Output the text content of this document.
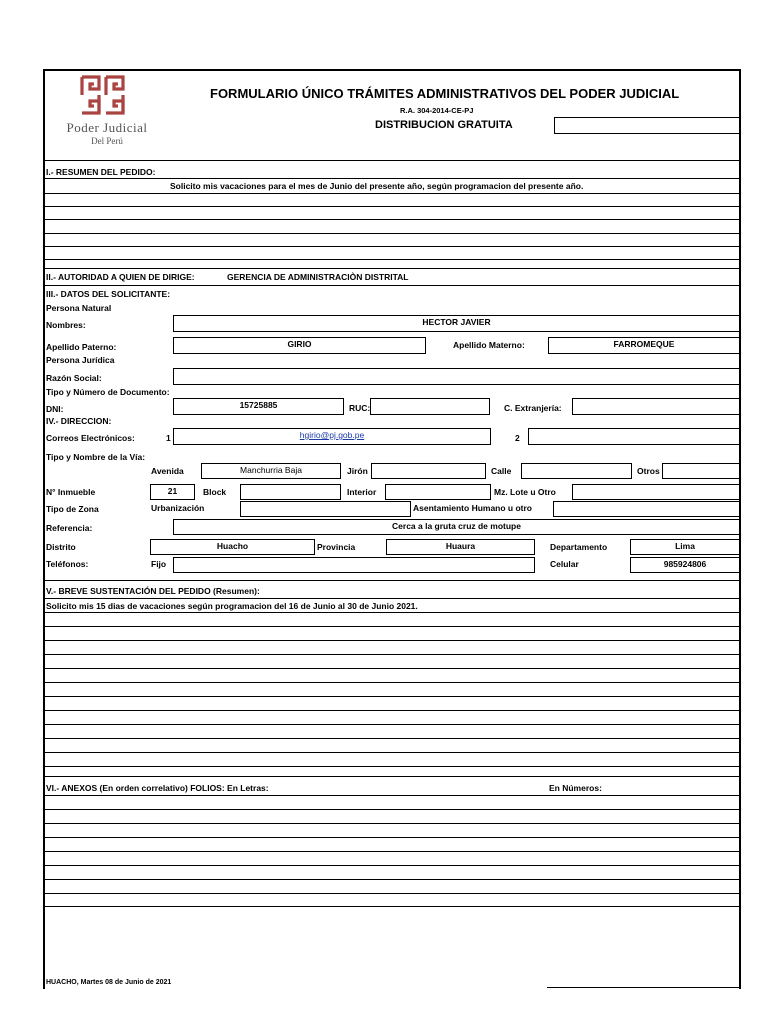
Poder Judicial
Del Perú
FORMULARIO ÚNICO TRÁMITES ADMINISTRATIVOS DEL PODER JUDICIAL
R.A. 304-2014-CE-PJ
DISTRIBUCION GRATUITA
I.- RESUMEN DEL PEDIDO:
Solicito mis vacaciones para el mes de Junio del presente año, según programacion del presente año.
II.- AUTORIDAD A QUIEN DE DIRIGE:	GERENCIA DE ADMINISTRACIÒN DISTRITAL
III.- DATOS DEL SOLICITANTE:
Persona Natural
Nombres:	HECTOR JAVIER
Apellido Paterno:	GIRIO	Apellido Materno:	FARROMEQUE
Persona Jurídica
Razón Social:
Tipo y Número de Documento:
DNI:	15725885	RUC:	C. Extranjería:
IV.- DIRECCION:
Correos Electrónicos:	1	hgirio@pj.gob.pe	2
Tipo y Nombre de la Vía:
Avenida	Manchurria Baja	Jirón	Calle	Otros
N° Inmueble	21	Block	Interior	Mz. Lote u Otro
Tipo de Zona	Urbanización	Asentamiento Humano u otro
Referencia:	Cerca a la gruta cruz de motupe
Distrito	Huacho	Provincia	Huaura	Departamento	Lima
Teléfonos:	Fijo	Celular	985924806
V.- BREVE SUSTENTACIÓN DEL PEDIDO (Resumen):
Solicito mis 15 dias de vacaciones según programacion del 16 de Junio al 30 de Junio 2021.
VI.- ANEXOS (En orden correlativo) FOLIOS: En Letras:	En Números:
HUACHO, Martes 08 de Junio de 2021
